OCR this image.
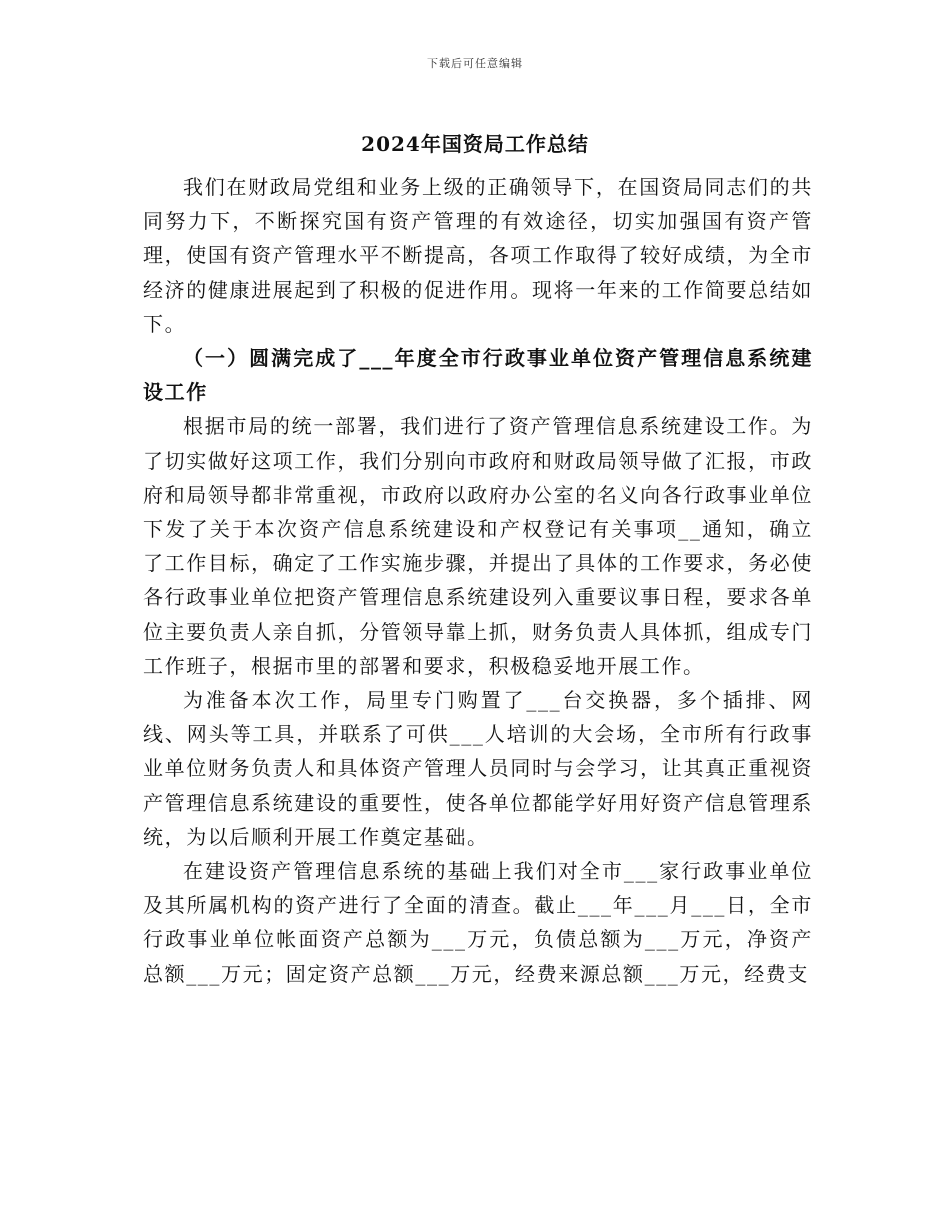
下载后可任意编辑
2024年国资局工作总结

我们在财政局党组和业务上级的正确领导下，在国资局同志们的共同努力下，不断探究国有资产管理的有效途径，切实加强国有资产管理，使国有资产管理水平不断提高，各项工作取得了较好成绩，为全市经济的健康进展起到了积极的促进作用。现将一年来的工作简要总结如下。

（一）圆满完成了___年度全市行政事业单位资产管理信息系统建设工作

根据市局的统一部署，我们进行了资产管理信息系统建设工作。为了切实做好这项工作，我们分别向市政府和财政局领导做了汇报，市政府和局领导都非常重视，市政府以政府办公室的名义向各行政事业单位下发了关于本次资产信息系统建设和产权登记有关事项__通知，确立了工作目标，确定了工作实施步骤，并提出了具体的工作要求，务必使各行政事业单位把资产管理信息系统建设列入重要议事日程，要求各单位主要负责人亲自抓，分管领导靠上抓，财务负责人具体抓，组成专门工作班子，根据市里的部署和要求，积极稳妥地开展工作。

为准备本次工作，局里专门购置了___台交换器，多个插排、网线、网头等工具，并联系了可供___人培训的大会场，全市所有行政事业单位财务负责人和具体资产管理人员同时与会学习，让其真正重视资产管理信息系统建设的重要性，使各单位都能学好用好资产信息管理系统，为以后顺利开展工作奠定基础。

在建设资产管理信息系统的基础上我们对全市___家行政事业单位及其所属机构的资产进行了全面的清查。截止___年___月___日，全市行政事业单位帐面资产总额为___万元，负债总额为___万元，净资产总额___万元；固定资产总额___万元，经费来源总额___万元，经费支
